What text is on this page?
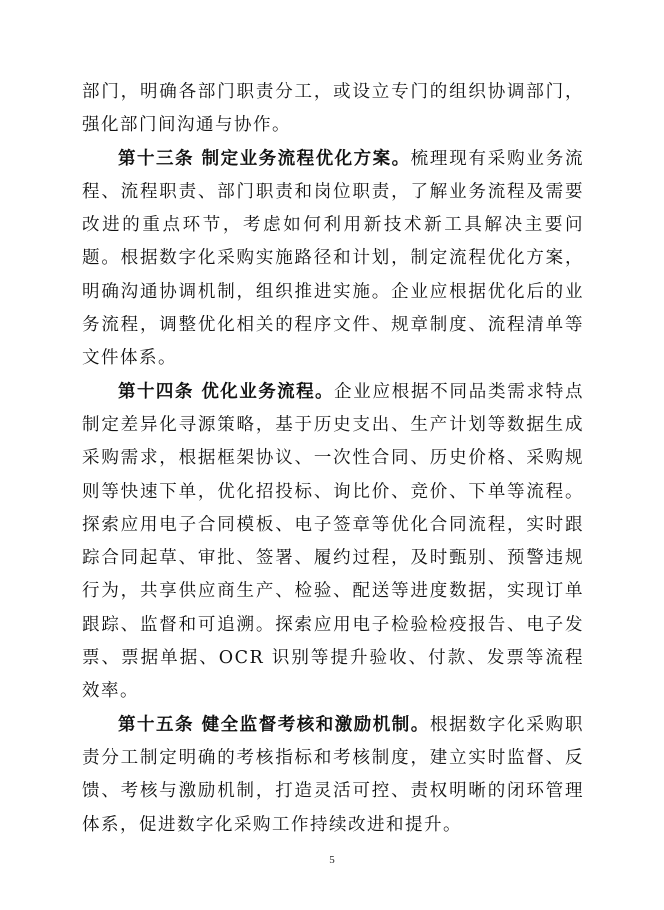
部门，明确各部门职责分工，或设立专门的组织协调部门，强化部门间沟通与协作。

第十三条 制定业务流程优化方案。梳理现有采购业务流程、流程职责、部门职责和岗位职责，了解业务流程及需要改进的重点环节，考虑如何利用新技术新工具解决主要问题。根据数字化采购实施路径和计划，制定流程优化方案，明确沟通协调机制，组织推进实施。企业应根据优化后的业务流程，调整优化相关的程序文件、规章制度、流程清单等文件体系。

第十四条 优化业务流程。企业应根据不同品类需求特点制定差异化寻源策略，基于历史支出、生产计划等数据生成采购需求，根据框架协议、一次性合同、历史价格、采购规则等快速下单，优化招投标、询比价、竞价、下单等流程。探索应用电子合同模板、电子签章等优化合同流程，实时跟踪合同起草、审批、签署、履约过程，及时甄别、预警违规行为，共享供应商生产、检验、配送等进度数据，实现订单跟踪、监督和可追溯。探索应用电子检验检疫报告、电子发票、票据单据、OCR 识别等提升验收、付款、发票等流程效率。

第十五条 健全监督考核和激励机制。根据数字化采购职责分工制定明确的考核指标和考核制度，建立实时监督、反馈、考核与激励机制，打造灵活可控、责权明晰的闭环管理体系，促进数字化采购工作持续改进和提升。

5
